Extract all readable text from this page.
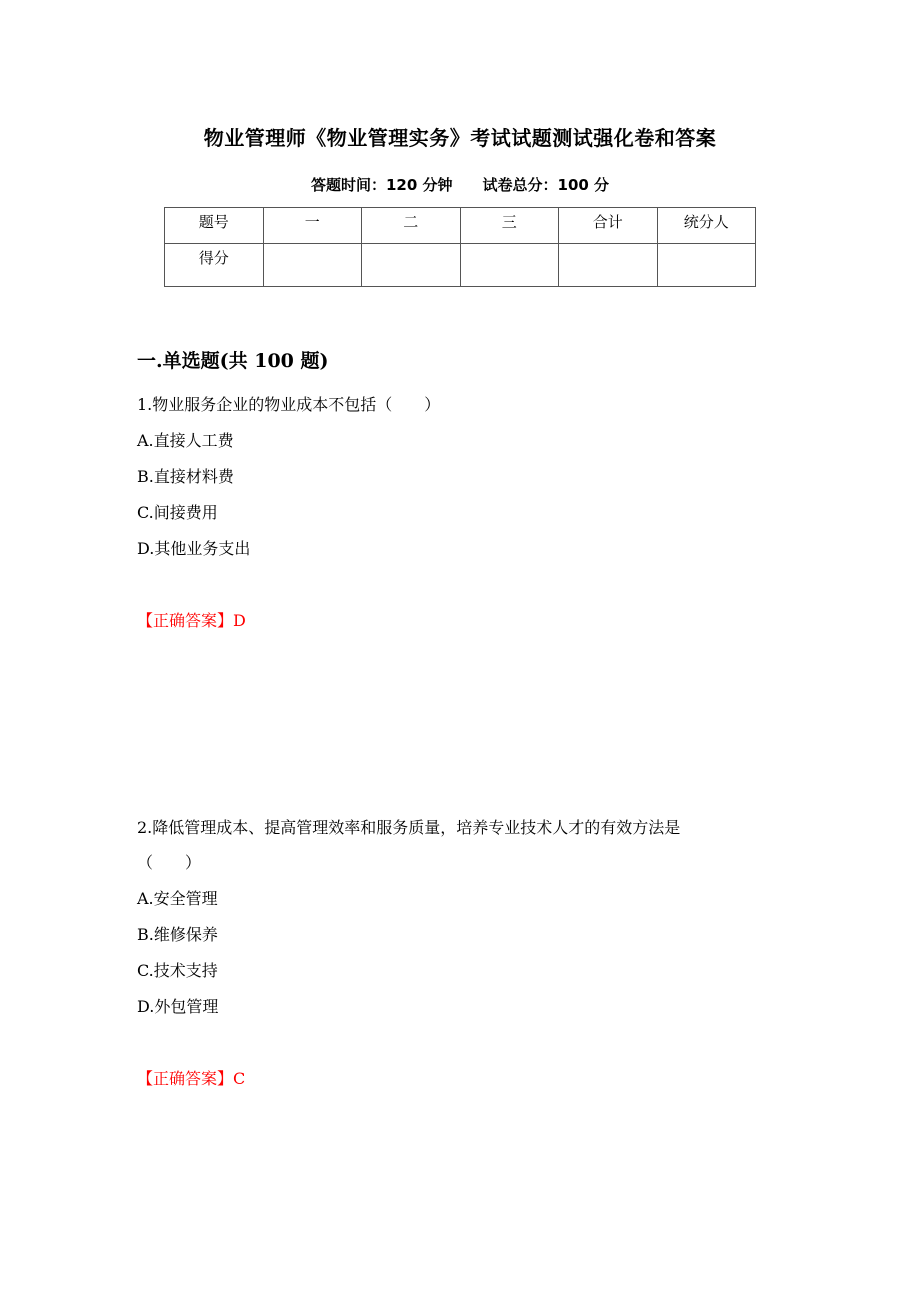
物业管理师《物业管理实务》考试试题测试强化卷和答案
答题时间：120 分钟 试卷总分：100 分
题号	一	二	三	合计	统分人
得分					
一.单选题(共 100 题)
1.物业服务企业的物业成本不包括（　　）
A.直接人工费
B.直接材料费
C.间接费用
D.其他业务支出
【正确答案】D
2.降低管理成本、提高管理效率和服务质量，培养专业技术人才的有效方法是
（　　）
A.安全管理
B.维修保养
C.技术支持
D.外包管理
【正确答案】C
